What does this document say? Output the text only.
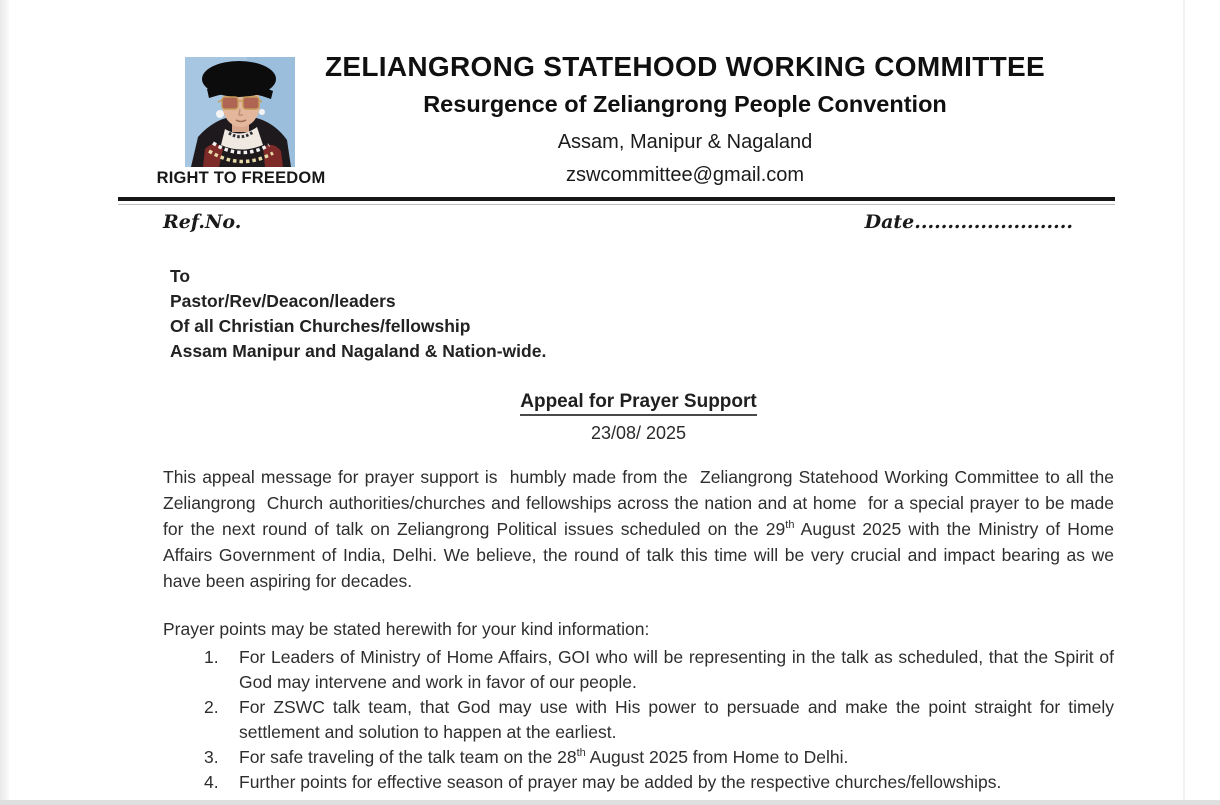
RIGHT TO FREEDOM
ZELIANGRONG STATEHOOD WORKING COMMITTEE
Resurgence of Zeliangrong People Convention
Assam, Manipur & Nagaland
zswcommittee@gmail.com
Ref.No.	Date........................
To
Pastor/Rev/Deacon/leaders
Of all Christian Churches/fellowship
Assam Manipur and Nagaland & Nation-wide.
Appeal for Prayer Support
23/08/ 2025
This appeal message for prayer support is  humbly made from the  Zeliangrong Statehood Working Committee to all the Zeliangrong  Church authorities/churches and fellowships across the nation and at home  for a special prayer to be made for the next round of talk on Zeliangrong Political issues scheduled on the 29th August 2025 with the Ministry of Home Affairs Government of India, Delhi. We believe, the round of talk this time will be very crucial and impact bearing as we have been aspiring for decades.
Prayer points may be stated herewith for your kind information:
1.	For Leaders of Ministry of Home Affairs, GOI who will be representing in the talk as scheduled, that the Spirit of God may intervene and work in favor of our people.
2.	For ZSWC talk team, that God may use with His power to persuade and make the point straight for timely settlement and solution to happen at the earliest.
3.	For safe traveling of the talk team on the 28th August 2025 from Home to Delhi.
4.	Further points for effective season of prayer may be added by the respective churches/fellowships.
